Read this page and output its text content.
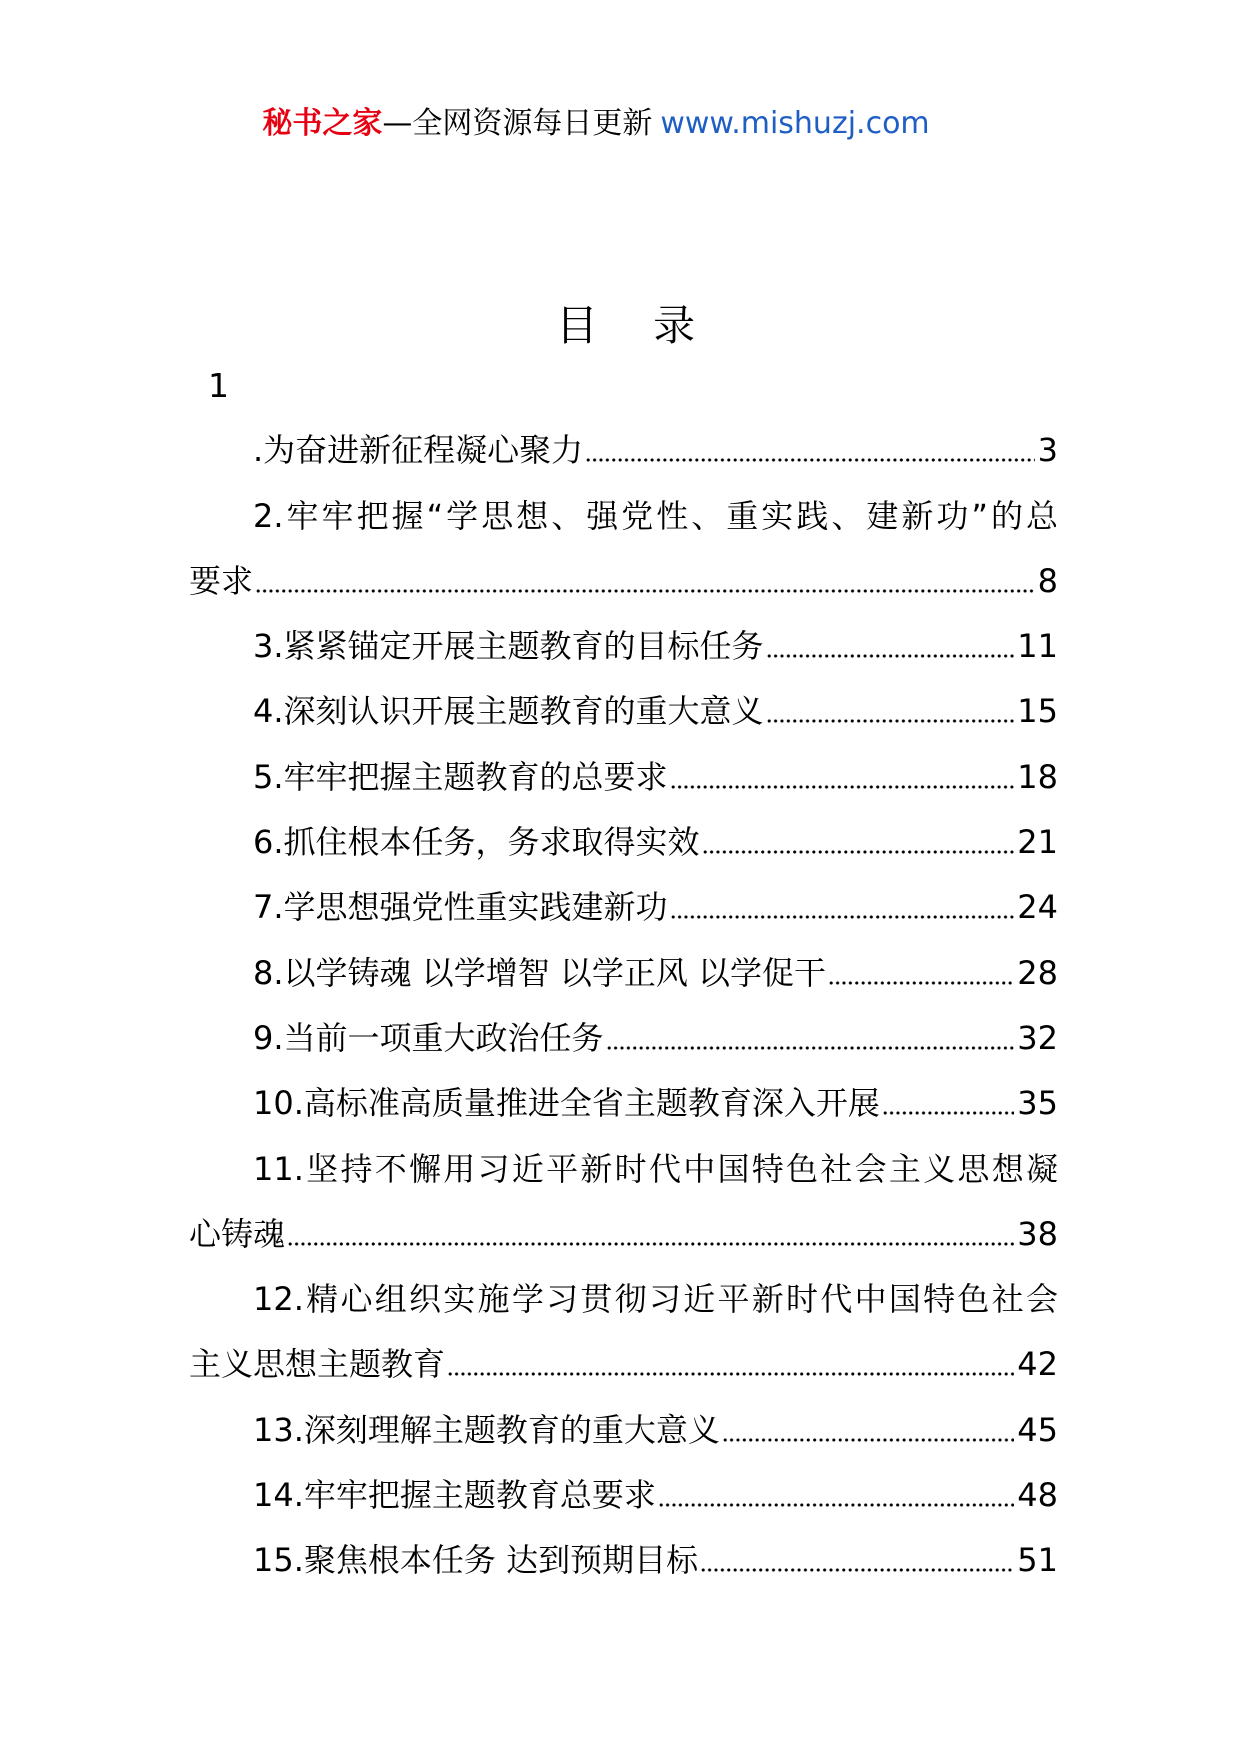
秘书之家—全网资源每日更新 www.mishuzj.com
目 录
1
.为奋进新征程凝心聚力	3
2.牢牢把握“学思想、强党性、重实践、建新功”的总
要求	8
3.紧紧锚定开展主题教育的目标任务	11
4.深刻认识开展主题教育的重大意义	15
5.牢牢把握主题教育的总要求	18
6.抓住根本任务，务求取得实效	21
7.学思想强党性重实践建新功	24
8.以学铸魂 以学增智 以学正风 以学促干	28
9.当前一项重大政治任务	32
10.高标准高质量推进全省主题教育深入开展	35
11.坚持不懈用习近平新时代中国特色社会主义思想凝
心铸魂	38
12.精心组织实施学习贯彻习近平新时代中国特色社会
主义思想主题教育	42
13.深刻理解主题教育的重大意义	45
14.牢牢把握主题教育总要求	48
15.聚焦根本任务 达到预期目标	51
